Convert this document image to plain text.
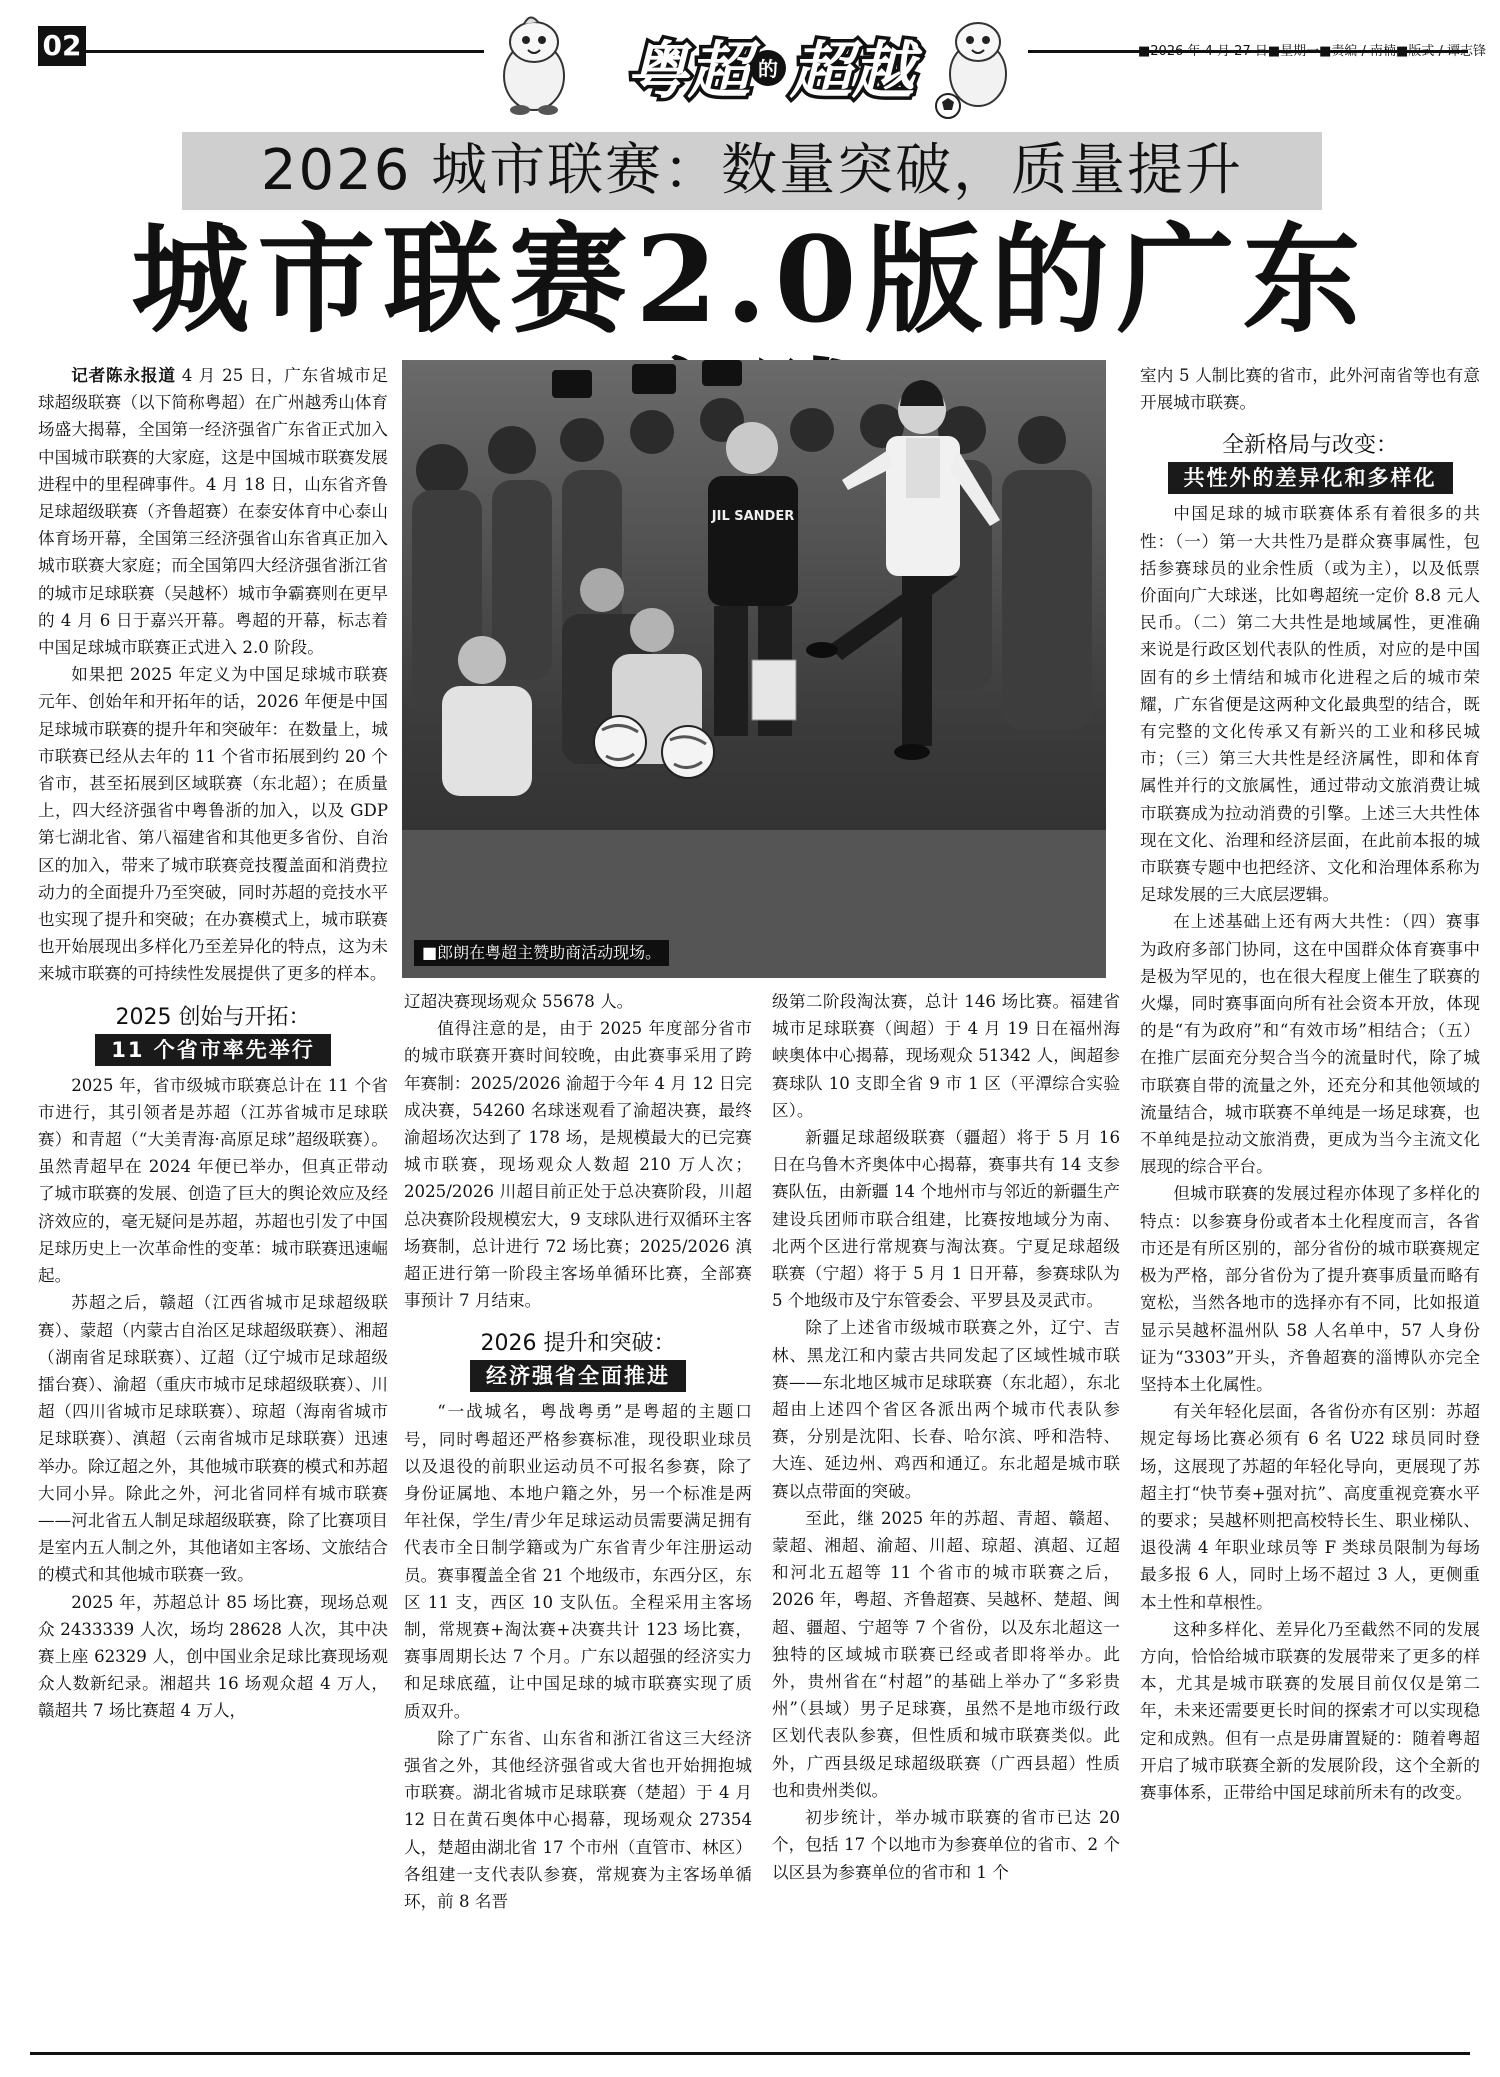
02	■2026 年 4 月 27 日■星期一■责编 / 南楠■版式 / 谭志锋
粤超 的 超越
2026 城市联赛：数量突破，质量提升
城市联赛2.0版的广东
JIL SANDER
■郎朗在粤超主赞助商活动现场。

记者陈永报道 4 月 25 日，广东省城市足球超级联赛（以下简称粤超）在广州越秀山体育场盛大揭幕，全国第一经济强省广东省正式加入中国城市联赛的大家庭，这是中国城市联赛发展进程中的里程碑事件。4 月 18 日，山东省齐鲁足球超级联赛（齐鲁超赛）在泰安体育中心泰山体育场开幕，全国第三经济强省山东省真正加入城市联赛大家庭；而全国第四大经济强省浙江省的城市足球联赛（吴越杯）城市争霸赛则在更早的 4 月 6 日于嘉兴开幕。粤超的开幕，标志着中国足球城市联赛正式进入 2.0 阶段。

如果把 2025 年定义为中国足球城市联赛元年、创始年和开拓年的话，2026 年便是中国足球城市联赛的提升年和突破年：在数量上，城市联赛已经从去年的 11 个省市拓展到约 20 个省市，甚至拓展到区域联赛（东北超）；在质量上，四大经济强省中粤鲁浙的加入，以及 GDP 第七湖北省、第八福建省和其他更多省份、自治区的加入，带来了城市联赛竞技覆盖面和消费拉动力的全面提升乃至突破，同时苏超的竞技水平也实现了提升和突破；在办赛模式上，城市联赛也开始展现出多样化乃至差异化的特点，这为未来城市联赛的可持续性发展提供了更多的样本。

2025 创始与开拓：
11 个省市率先举行

2025 年，省市级城市联赛总计在 11 个省市进行，其引领者是苏超（江苏省城市足球联赛）和青超（“大美青海·高原足球”超级联赛）。虽然青超早在 2024 年便已举办，但真正带动了城市联赛的发展、创造了巨大的舆论效应及经济效应的，毫无疑问是苏超，苏超也引发了中国足球历史上一次革命性的变革：城市联赛迅速崛起。

苏超之后，赣超（江西省城市足球超级联赛）、蒙超（内蒙古自治区足球超级联赛）、湘超（湖南省足球联赛）、辽超（辽宁城市足球超级擂台赛）、渝超（重庆市城市足球超级联赛）、川超（四川省城市足球联赛）、琼超（海南省城市足球联赛）、滇超（云南省城市足球联赛）迅速举办。除辽超之外，其他城市联赛的模式和苏超大同小异。除此之外，河北省同样有城市联赛——河北省五人制足球超级联赛，除了比赛项目是室内五人制之外，其他诸如主客场、文旅结合的模式和其他城市联赛一致。

2025 年，苏超总计 85 场比赛，现场总观众 2433339 人次，场均 28628 人次，其中决赛上座 62329 人，创中国业余足球比赛现场观众人数新纪录。湘超共 16 场观众超 4 万人，赣超共 7 场比赛超 4 万人，

辽超决赛现场观众 55678 人。

值得注意的是，由于 2025 年度部分省市的城市联赛开赛时间较晚，由此赛事采用了跨年赛制：2025/2026 渝超于今年 4 月 12 日完成决赛，54260 名球迷观看了渝超决赛，最终渝超场次达到了 178 场，是规模最大的已完赛城市联赛，现场观众人数超 210 万人次；2025/2026 川超目前正处于总决赛阶段，川超总决赛阶段规模宏大，9 支球队进行双循环主客场赛制，总计进行 72 场比赛；2025/2026 滇超正进行第一阶段主客场单循环比赛，全部赛事预计 7 月结束。

2026 提升和突破：
经济强省全面推进

“一战城名，粤战粤勇”是粤超的主题口号，同时粤超还严格参赛标准，现役职业球员以及退役的前职业运动员不可报名参赛，除了身份证属地、本地户籍之外，另一个标准是两年社保，学生/青少年足球运动员需要满足拥有代表市全日制学籍或为广东省青少年注册运动员。赛事覆盖全省 21 个地级市，东西分区，东区 11 支，西区 10 支队伍。全程采用主客场制，常规赛+淘汰赛+决赛共计 123 场比赛，赛事周期长达 7 个月。广东以超强的经济实力和足球底蕴，让中国足球的城市联赛实现了质质双升。

除了广东省、山东省和浙江省这三大经济强省之外，其他经济强省或大省也开始拥抱城市联赛。湖北省城市足球联赛（楚超）于 4 月 12 日在黄石奥体中心揭幕，现场观众 27354 人，楚超由湖北省 17 个市州（直管市、林区）各组建一支代表队参赛，常规赛为主客场单循环，前 8 名晋

级第二阶段淘汰赛，总计 146 场比赛。福建省城市足球联赛（闽超）于 4 月 19 日在福州海峡奥体中心揭幕，现场观众 51342 人，闽超参赛球队 10 支即全省 9 市 1 区（平潭综合实验区）。

新疆足球超级联赛（疆超）将于 5 月 16 日在乌鲁木齐奥体中心揭幕，赛事共有 14 支参赛队伍，由新疆 14 个地州市与邻近的新疆生产建设兵团师市联合组建，比赛按地域分为南、北两个区进行常规赛与淘汰赛。宁夏足球超级联赛（宁超）将于 5 月 1 日开幕，参赛球队为 5 个地级市及宁东管委会、平罗县及灵武市。

除了上述省市级城市联赛之外，辽宁、吉林、黑龙江和内蒙古共同发起了区域性城市联赛——东北地区城市足球联赛（东北超），东北超由上述四个省区各派出两个城市代表队参赛，分别是沈阳、长春、哈尔滨、呼和浩特、大连、延边州、鸡西和通辽。东北超是城市联赛以点带面的突破。

至此，继 2025 年的苏超、青超、赣超、蒙超、湘超、渝超、川超、琼超、滇超、辽超和河北五超等 11 个省市的城市联赛之后，2026 年，粤超、齐鲁超赛、吴越杯、楚超、闽超、疆超、宁超等 7 个省份，以及东北超这一独特的区域城市联赛已经或者即将举办。此外，贵州省在“村超”的基础上举办了“多彩贵州”（县域）男子足球赛，虽然不是地市级行政区划代表队参赛，但性质和城市联赛类似。此外，广西县级足球超级联赛（广西县超）性质也和贵州类似。

初步统计，举办城市联赛的省市已达 20 个，包括 17 个以地市为参赛单位的省市、2 个以区县为参赛单位的省市和 1 个

室内 5 人制比赛的省市，此外河南省等也有意开展城市联赛。

全新格局与改变：
共性外的差异化和多样化

中国足球的城市联赛体系有着很多的共性：（一）第一大共性乃是群众赛事属性，包括参赛球员的业余性质（或为主），以及低票价面向广大球迷，比如粤超统一定价 8.8 元人民币。（二）第二大共性是地域属性，更准确来说是行政区划代表队的性质，对应的是中国固有的乡土情结和城市化进程之后的城市荣耀，广东省便是这两种文化最典型的结合，既有完整的文化传承又有新兴的工业和移民城市；（三）第三大共性是经济属性，即和体育属性并行的文旅属性，通过带动文旅消费让城市联赛成为拉动消费的引擎。上述三大共性体现在文化、治理和经济层面，在此前本报的城市联赛专题中也把经济、文化和治理体系称为足球发展的三大底层逻辑。

在上述基础上还有两大共性：（四）赛事为政府多部门协同，这在中国群众体育赛事中是极为罕见的，也在很大程度上催生了联赛的火爆，同时赛事面向所有社会资本开放，体现的是“有为政府”和“有效市场”相结合；（五）在推广层面充分契合当今的流量时代，除了城市联赛自带的流量之外，还充分和其他领域的流量结合，城市联赛不单纯是一场足球赛，也不单纯是拉动文旅消费，更成为当今主流文化展现的综合平台。

但城市联赛的发展过程亦体现了多样化的特点：以参赛身份或者本土化程度而言，各省市还是有所区别的，部分省份的城市联赛规定极为严格，部分省份为了提升赛事质量而略有宽松，当然各地市的选择亦有不同，比如报道显示吴越杯温州队 58 人名单中，57 人身份证为“3303”开头，齐鲁超赛的淄博队亦完全坚持本土化属性。

有关年轻化层面，各省份亦有区别：苏超规定每场比赛必须有 6 名 U22 球员同时登场，这展现了苏超的年轻化导向，更展现了苏超主打“快节奏+强对抗”、高度重视竞赛水平的要求；吴越杯则把高校特长生、职业梯队、退役满 4 年职业球员等 F 类球员限制为每场最多报 6 人，同时上场不超过 3 人，更侧重本土性和草根性。

这种多样化、差异化乃至截然不同的发展方向，恰恰给城市联赛的发展带来了更多的样本，尤其是城市联赛的发展目前仅仅是第二年，未来还需要更长时间的探索才可以实现稳定和成熟。但有一点是毋庸置疑的：随着粤超开启了城市联赛全新的发展阶段，这个全新的赛事体系，正带给中国足球前所未有的改变。
